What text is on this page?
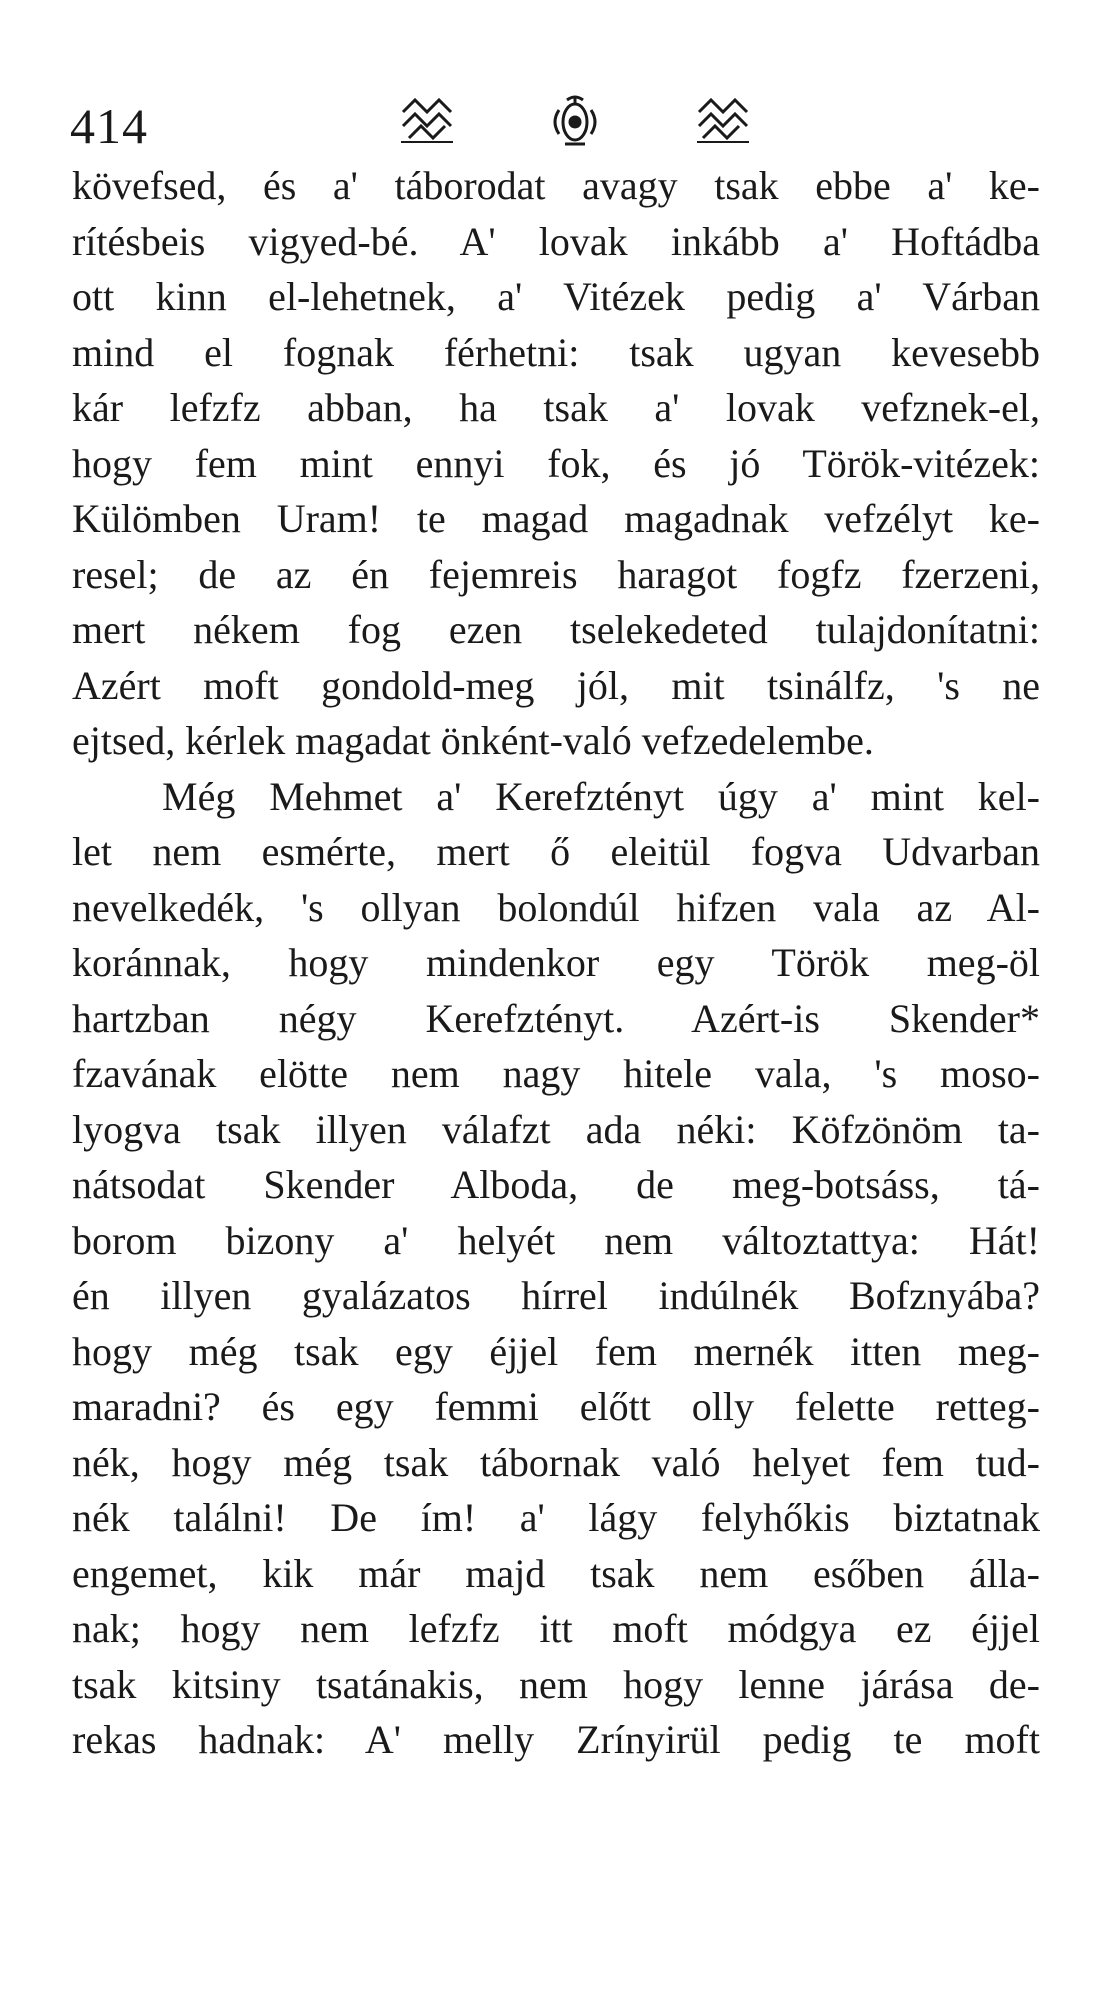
414
kövefsed, és a' táborodat avagy tsak ebbe a' ke-
rítésbeis vigyed-bé. A' lovak inkább a' Hoftádba
ott kinn el-lehetnek, a' Vitézek pedig a' Várban
mind el fognak férhetni: tsak ugyan kevesebb
kár lefzfz abban, ha tsak a' lovak vefznek-el,
hogy fem mint ennyi fok, és jó Török-vitézek:
Külömben Uram! te magad magadnak vefzélyt ke-
resel; de az én fejemreis haragot fogfz fzerzeni,
mert nékem fog ezen tselekedeted tulajdonítatni:
Azért moft gondold-meg jól, mit tsinálfz, 's ne
ejtsed, kérlek magadat önként-való vefzedelembe.
Még Mehmet a' Kerefztényt úgy a' mint kel-
let nem esmérte, mert ő eleitül fogva Udvarban
nevelkedék, 's ollyan bolondúl hifzen vala az Al-
koránnak, hogy mindenkor egy Török meg-öl
hartzban négy Kerefztényt. Azért-is Skender*
fzavának elötte nem nagy hitele vala, 's moso-
lyogva tsak illyen válafzt ada néki: Köfzönöm ta-
nátsodat Skender Alboda, de meg-botsáss, tá-
borom bizony a' helyét nem változtattya: Hát!
én illyen gyalázatos hírrel indúlnék Bofznyába?
hogy még tsak egy éjjel fem mernék itten meg-
maradni? és egy femmi előtt olly felette retteg-
nék, hogy még tsak tábornak való helyet fem tud-
nék találni! De ím! a' lágy felyhőkis biztatnak
engemet, kik már majd tsak nem esőben álla-
nak; hogy nem lefzfz itt moft módgya ez éjjel
tsak kitsiny tsatánakis, nem hogy lenne járása de-
rekas hadnak: A' melly Zrínyirül pedig te moft
